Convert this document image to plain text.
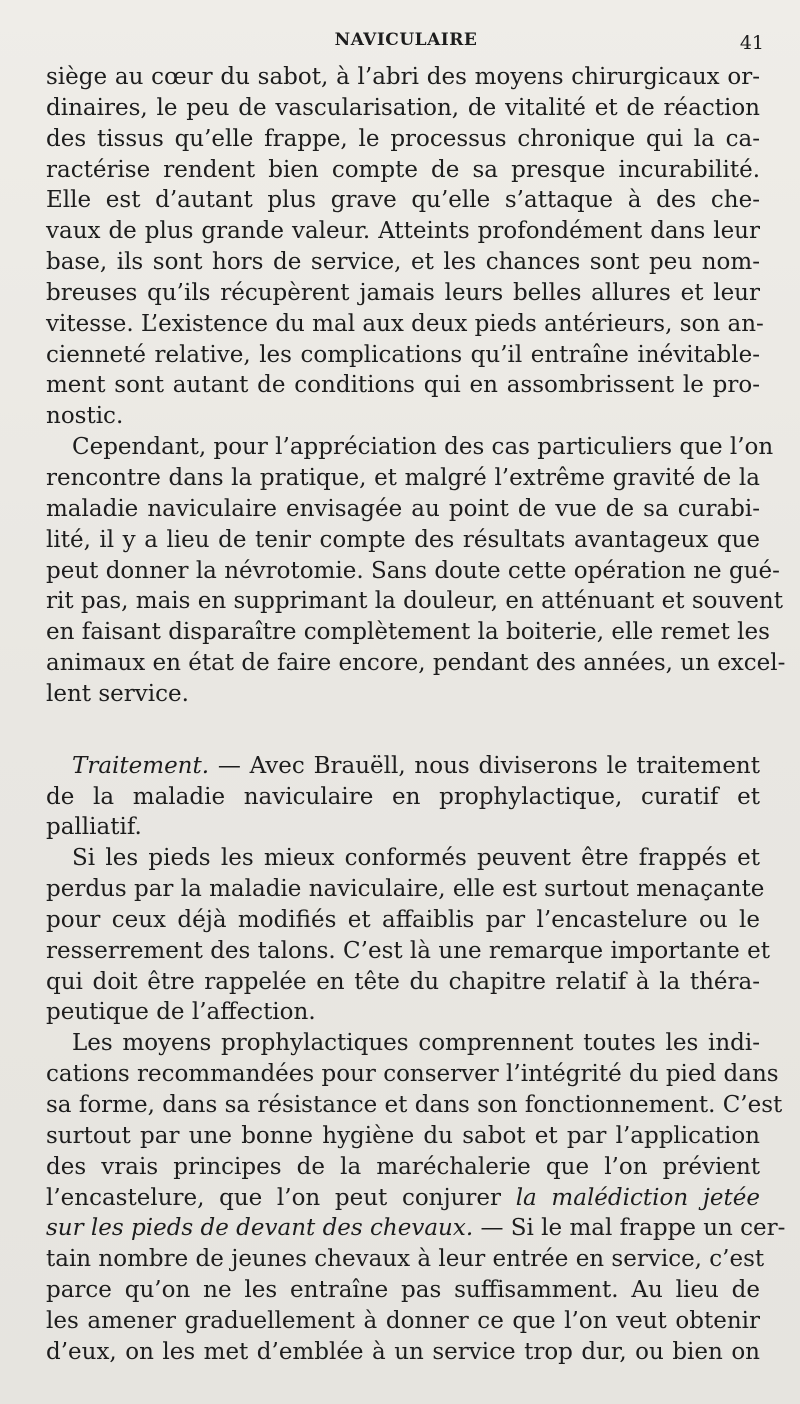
NAVICULAIRE	41
siège au cœur du sabot, à l’abri des moyens chirurgicaux or-
dinaires, le peu de vascularisation, de vitalité et de réaction
des tissus qu’elle frappe, le processus chronique qui la ca-
ractérise rendent bien compte de sa presque incurabilité.
Elle est d’autant plus grave qu’elle s’attaque à des che-
vaux de plus grande valeur. Atteints profondément dans leur
base, ils sont hors de service, et les chances sont peu nom-
breuses qu’ils récupèrent jamais leurs belles allures et leur
vitesse. L’existence du mal aux deux pieds antérieurs, son an-
cienneté relative, les complications qu’il entraîne inévitable-
ment sont autant de conditions qui en assombrissent le pro-
nostic.
Cependant, pour l’appréciation des cas particuliers que l’on
rencontre dans la pratique, et malgré l’extrême gravité de la
maladie naviculaire envisagée au point de vue de sa curabi-
lité, il y a lieu de tenir compte des résultats avantageux que
peut donner la névrotomie. Sans doute cette opération ne gué-
rit pas, mais en supprimant la douleur, en atténuant et souvent
en faisant disparaître complètement la boiterie, elle remet les
animaux en état de faire encore, pendant des années, un excel-
lent service.
Traitement. — Avec Brauëll, nous diviserons le traitement
de la maladie naviculaire en prophylactique, curatif et
palliatif.
Si les pieds les mieux conformés peuvent être frappés et
perdus par la maladie naviculaire, elle est surtout menaçante
pour ceux déjà modifiés et affaiblis par l’encastelure ou le
resserrement des talons. C’est là une remarque importante et
qui doit être rappelée en tête du chapitre relatif à la théra-
peutique de l’affection.
Les moyens prophylactiques comprennent toutes les indi-
cations recommandées pour conserver l’intégrité du pied dans
sa forme, dans sa résistance et dans son fonctionnement. C’est
surtout par une bonne hygiène du sabot et par l’application
des vrais principes de la maréchalerie que l’on prévient
l’encastelure, que l’on peut conjurer la malédiction jetée
sur les pieds de devant des chevaux. — Si le mal frappe un cer-
tain nombre de jeunes chevaux à leur entrée en service, c’est
parce qu’on ne les entraîne pas suffisamment. Au lieu de
les amener graduellement à donner ce que l’on veut obtenir
d’eux, on les met d’emblée à un service trop dur, ou bien on
